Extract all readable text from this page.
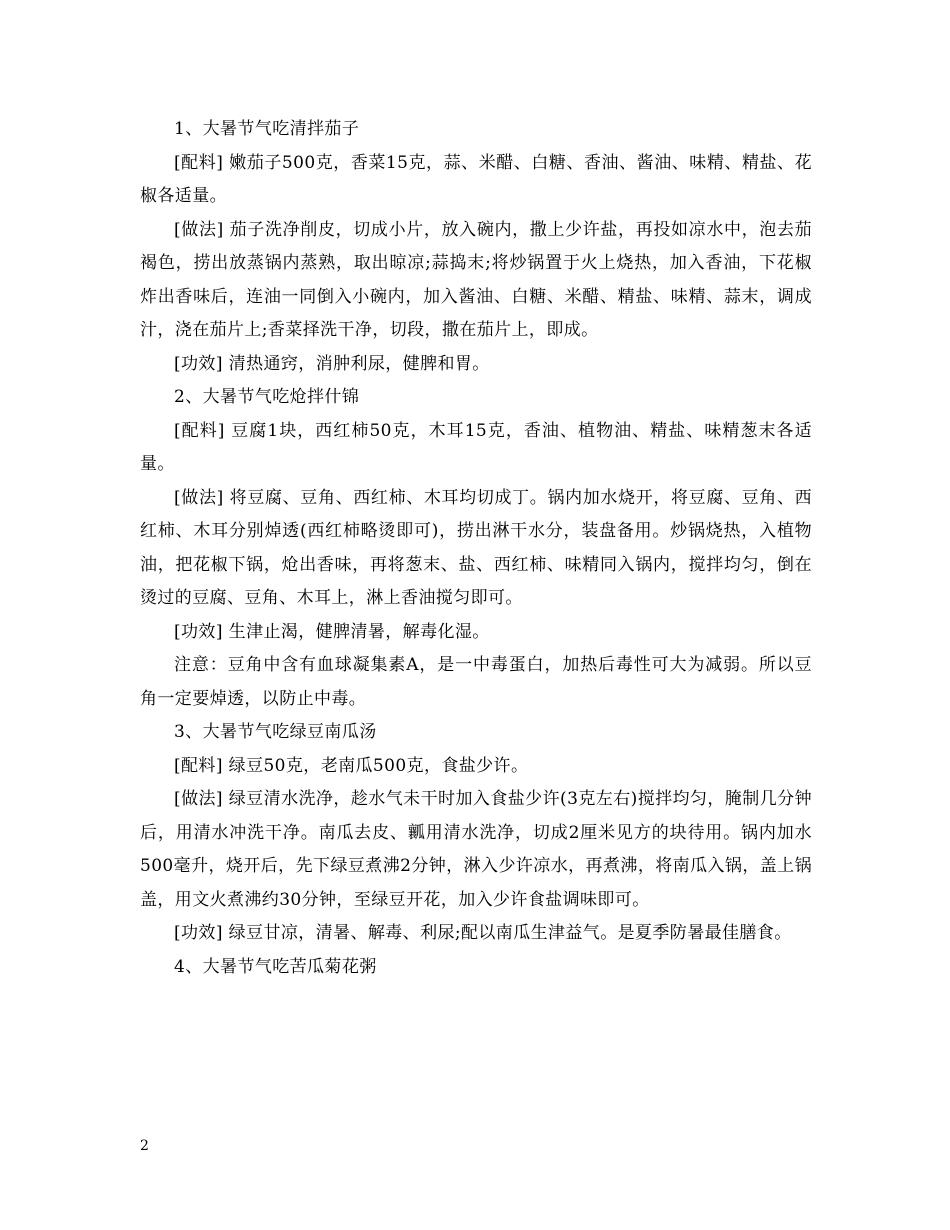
1、大暑节气吃清拌茄子

[配料] 嫩茄子500克，香菜15克，蒜、米醋、白糖、香油、酱油、味精、精盐、花椒各适量。

[做法] 茄子洗净削皮，切成小片，放入碗内，撒上少许盐，再投如凉水中，泡去茄褐色，捞出放蒸锅内蒸熟，取出晾凉;蒜捣末;将炒锅置于火上烧热，加入香油，下花椒炸出香味后，连油一同倒入小碗内，加入酱油、白糖、米醋、精盐、味精、蒜末，调成汁，浇在茄片上;香菜择洗干净，切段，撒在茄片上，即成。

[功效] 清热通窍，消肿利尿，健脾和胃。

2、大暑节气吃炝拌什锦

[配料] 豆腐1块，西红柿50克，木耳15克，香油、植物油、精盐、味精葱末各适量。

[做法] 将豆腐、豆角、西红柿、木耳均切成丁。锅内加水烧开，将豆腐、豆角、西红柿、木耳分别焯透(西红柿略烫即可)，捞出淋干水分，装盘备用。炒锅烧热，入植物油，把花椒下锅，炝出香味，再将葱末、盐、西红柿、味精同入锅内，搅拌均匀，倒在烫过的豆腐、豆角、木耳上，淋上香油搅匀即可。

[功效] 生津止渴，健脾清暑，解毒化湿。

注意：豆角中含有血球凝集素A，是一中毒蛋白，加热后毒性可大为减弱。所以豆角一定要焯透，以防止中毒。

3、大暑节气吃绿豆南瓜汤

[配料] 绿豆50克，老南瓜500克，食盐少许。

[做法] 绿豆清水洗净，趁水气未干时加入食盐少许(3克左右)搅拌均匀，腌制几分钟后，用清水冲洗干净。南瓜去皮、瓤用清水洗净，切成2厘米见方的块待用。锅内加水500毫升，烧开后，先下绿豆煮沸2分钟，淋入少许凉水，再煮沸，将南瓜入锅，盖上锅盖，用文火煮沸约30分钟，至绿豆开花，加入少许食盐调味即可。

[功效] 绿豆甘凉，清暑、解毒、利尿;配以南瓜生津益气。是夏季防暑最佳膳食。

4、大暑节气吃苦瓜菊花粥

2
